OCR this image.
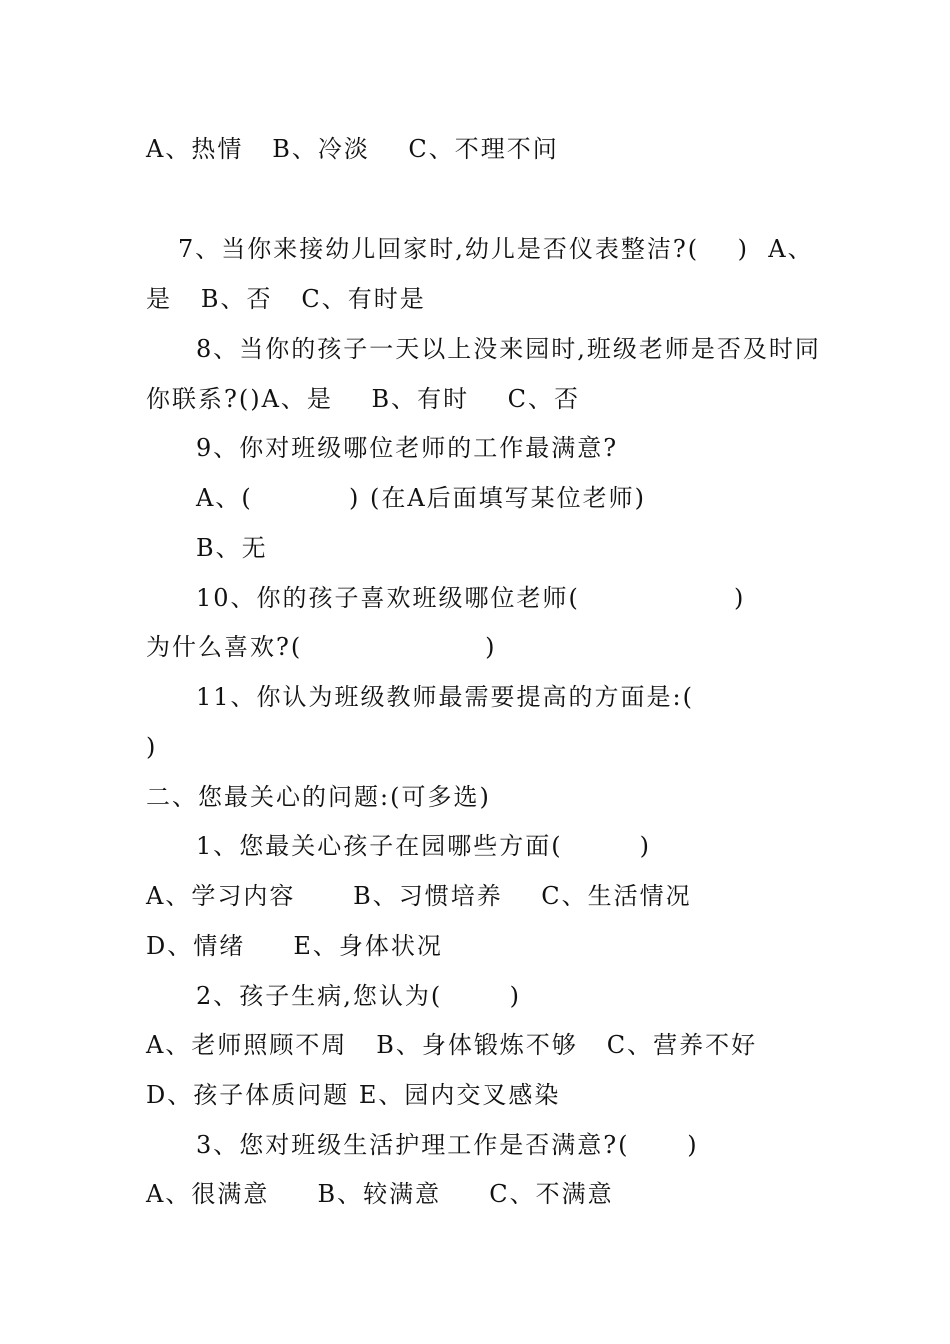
A、热情   B、冷淡    C、不理不问
7、当你来接幼儿回家时,幼儿是否仪表整洁?(    )  A、
是   B、否   C、有时是
8、当你的孩子一天以上没来园时,班级老师是否及时同
你联系?()A、是    B、有时    C、否
9、你对班级哪位老师的工作最满意?
A、(          ) (在A后面填写某位老师)
B、无
10、你的孩子喜欢班级哪位老师(                )
为什么喜欢?(                   )
11、你认为班级教师最需要提高的方面是:(
)
二、您最关心的问题:(可多选)
1、您最关心孩子在园哪些方面(        )
A、学习内容      B、习惯培养    C、生活情况
D、情绪     E、身体状况
2、孩子生病,您认为(       )
A、老师照顾不周   B、身体锻炼不够   C、营养不好
D、孩子体质问题 E、园内交叉感染
3、您对班级生活护理工作是否满意?(      )
A、很满意     B、较满意     C、不满意
